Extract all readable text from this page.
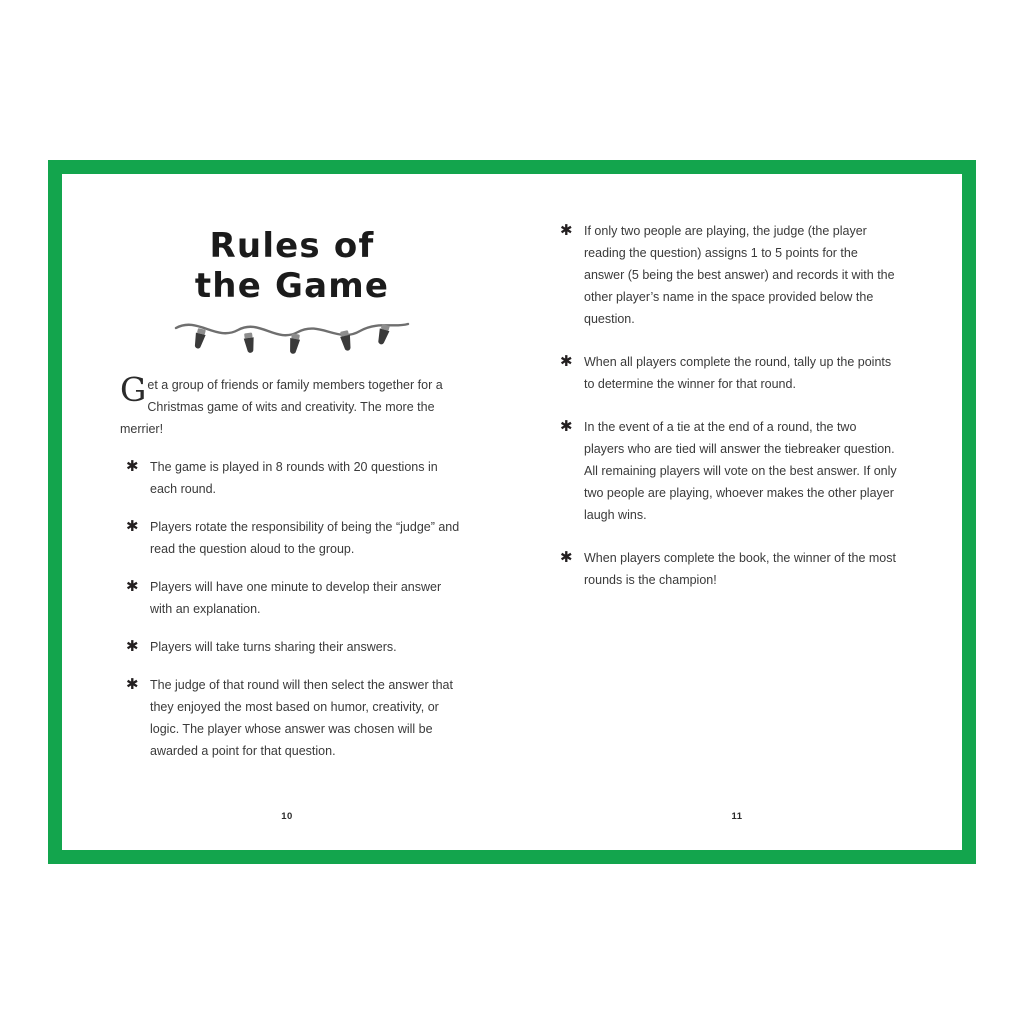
Rules of
the Game

Get a group of friends or family members together for a Christmas game of wits and creativity. The more the merrier!

✱ The game is played in 8 rounds with 20 questions in each round.
✱ Players rotate the responsibility of being the “judge” and read the question aloud to the group.
✱ Players will have one minute to develop their answer with an explanation.
✱ Players will take turns sharing their answers.
✱ The judge of that round will then select the answer that they enjoyed the most based on humor, creativity, or logic. The player whose answer was chosen will be awarded a point for that question.
10
✱ If only two people are playing, the judge (the player reading the question) assigns 1 to 5 points for the answer (5 being the best answer) and records it with the other player’s name in the space provided below the question.
✱ When all players complete the round, tally up the points to determine the winner for that round.
✱ In the event of a tie at the end of a round, the two players who are tied will answer the tiebreaker question. All remaining players will vote on the best answer. If only two people are playing, whoever makes the other player laugh wins.
✱ When players complete the book, the winner of the most rounds is the champion!
11
